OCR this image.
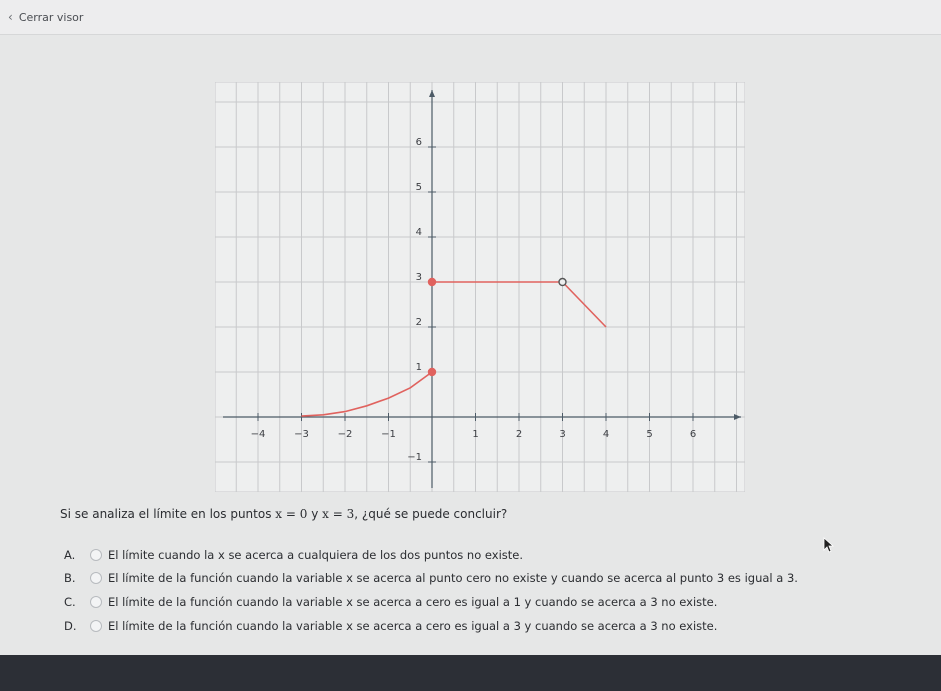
‹ Cerrar visor
−4	−3	−2	−1	1	2	3	4	5	6
−1
1
2
3
4
5
6
Si se analiza el límite en los puntos x = 0 y x = 3, ¿qué se puede concluir?
A.	El límite cuando la x se acerca a cualquiera de los dos puntos no existe.
B.	El límite de la función cuando la variable x se acerca al punto cero no existe y cuando se acerca al punto 3 es igual a 3.
C.	El límite de la función cuando la variable x se acerca a cero es igual a 1 y cuando se acerca a 3 no existe.
D.	El límite de la función cuando la variable x se acerca a cero es igual a 3 y cuando se acerca a 3 no existe.
